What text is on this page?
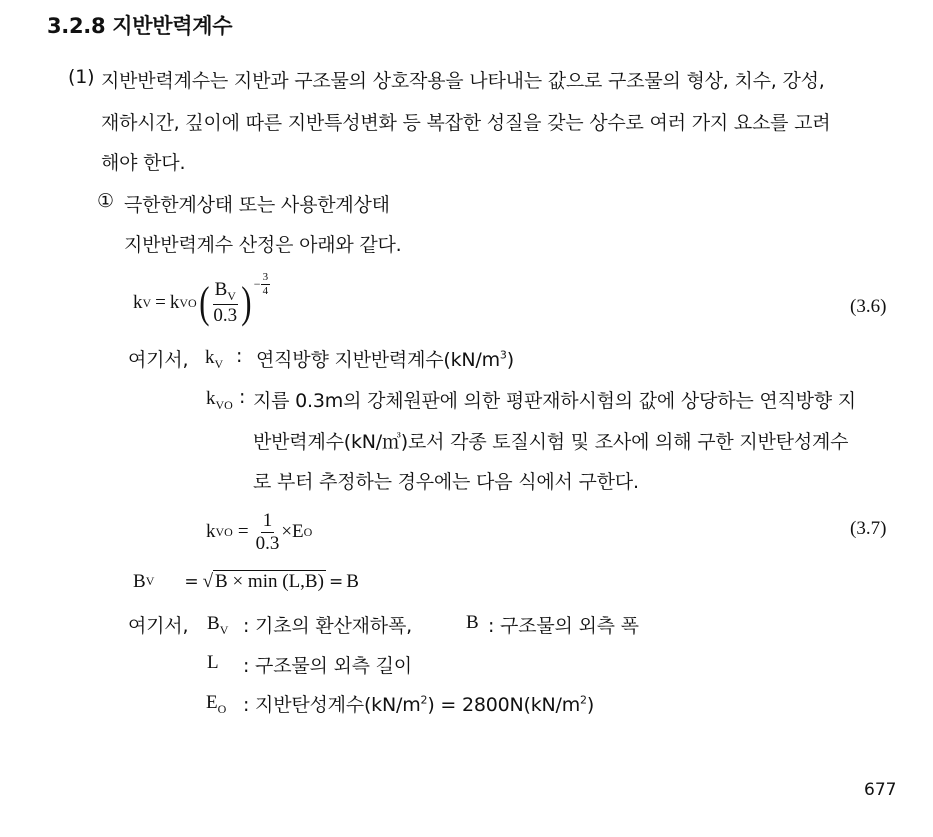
3.2.8 지반반력계수
(1) 지반반력계수는 지반과 구조물의 상호작용을 나타내는 값으로 구조물의 형상, 치수, 강성,
재하시간, 깊이에 따른 지반특성변화 등 복잡한 성질을 갖는 상수로 여러 가지 요소를 고려
해야 한다.
① 극한한계상태 또는 사용한계상태
지반반력계수 산정은 아래와 같다.
k V = k VO ( $\frac{B_V}{0.3}$ ) − $\frac{3}{4}$
(3.6)
여기서, $k_V$ : 연직방향 지반반력계수$(kN/m^3)$
$k_{VO}$ : 지름 0.3m의 강체원판에 의한 평판재하시험의 값에 상당하는 연직방향 지
반반력계수(kN/㎥)로서 각종 토질시험 및 조사에 의해 구한 지반탄성계수
로 부터 추정하는 경우에는 다음 식에서 구한다.
k VO = $\frac{1}{0.3} \times E$ O	(3.7)
B V = √ B × min (L,B) = B
여기서, $B_V$ : 기초의 환산재하폭,	B : 구조물의 외측 폭
L : 구조물의 외측 길이
$E_O$ : 지반탄성계수$(kN/m^2) = 2800N(kN/m^2)$
677
